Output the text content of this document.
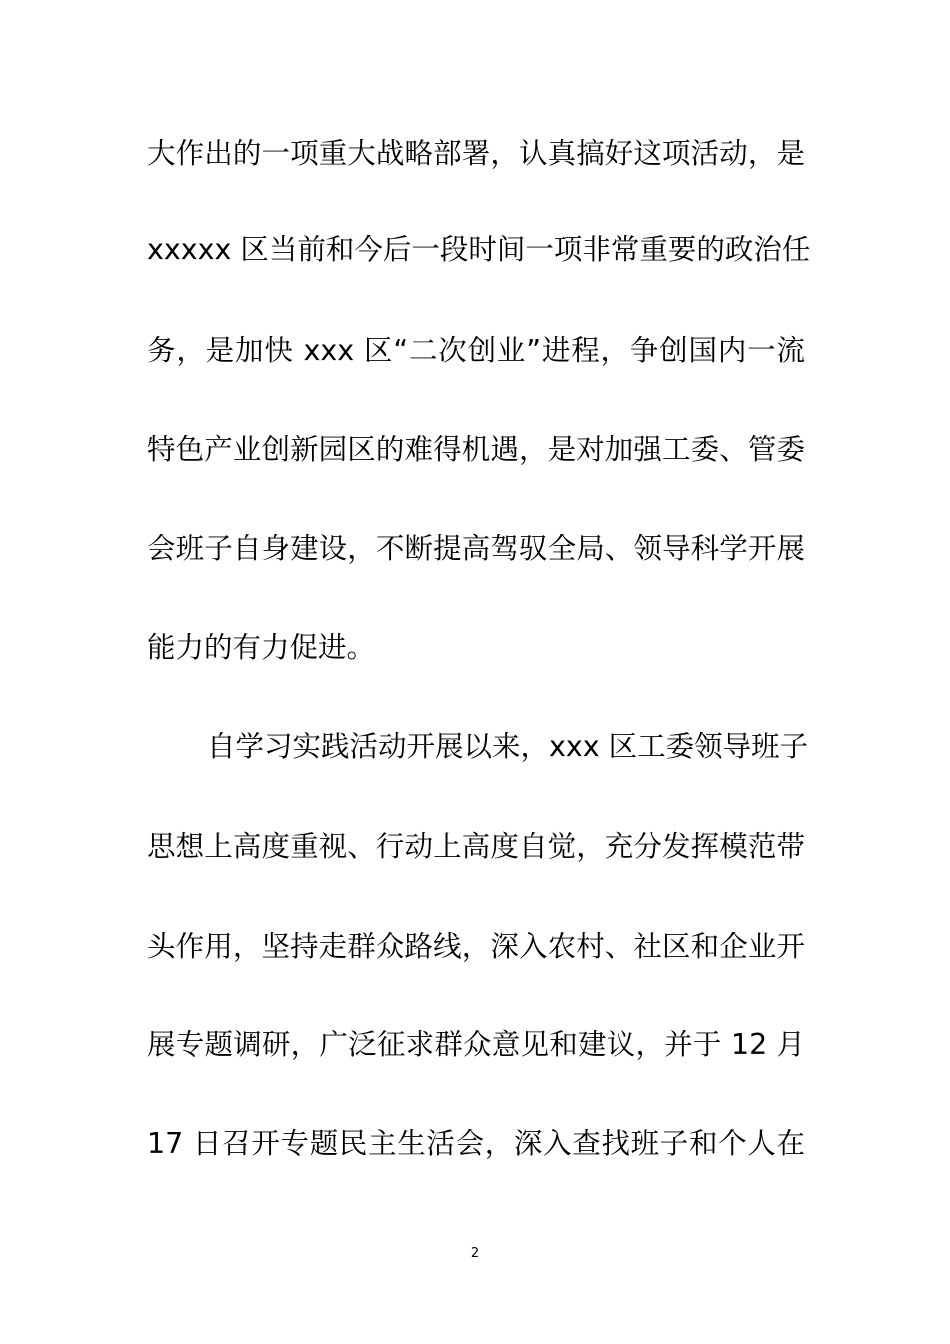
大作出的一项重大战略部署，认真搞好这项活动，是
xxxxx 区当前和今后一段时间一项非常重要的政治任
务，是加快 xxx 区“二次创业”进程，争创国内一流
特色产业创新园区的难得机遇，是对加强工委、管委
会班子自身建设，不断提高驾驭全局、领导科学开展
能力的有力促进。
自学习实践活动开展以来，xxx 区工委领导班子
思想上高度重视、行动上高度自觉，充分发挥模范带
头作用，坚持走群众路线，深入农村、社区和企业开
展专题调研，广泛征求群众意见和建议，并于 12 月
17 日召开专题民主生活会，深入查找班子和个人在
2
